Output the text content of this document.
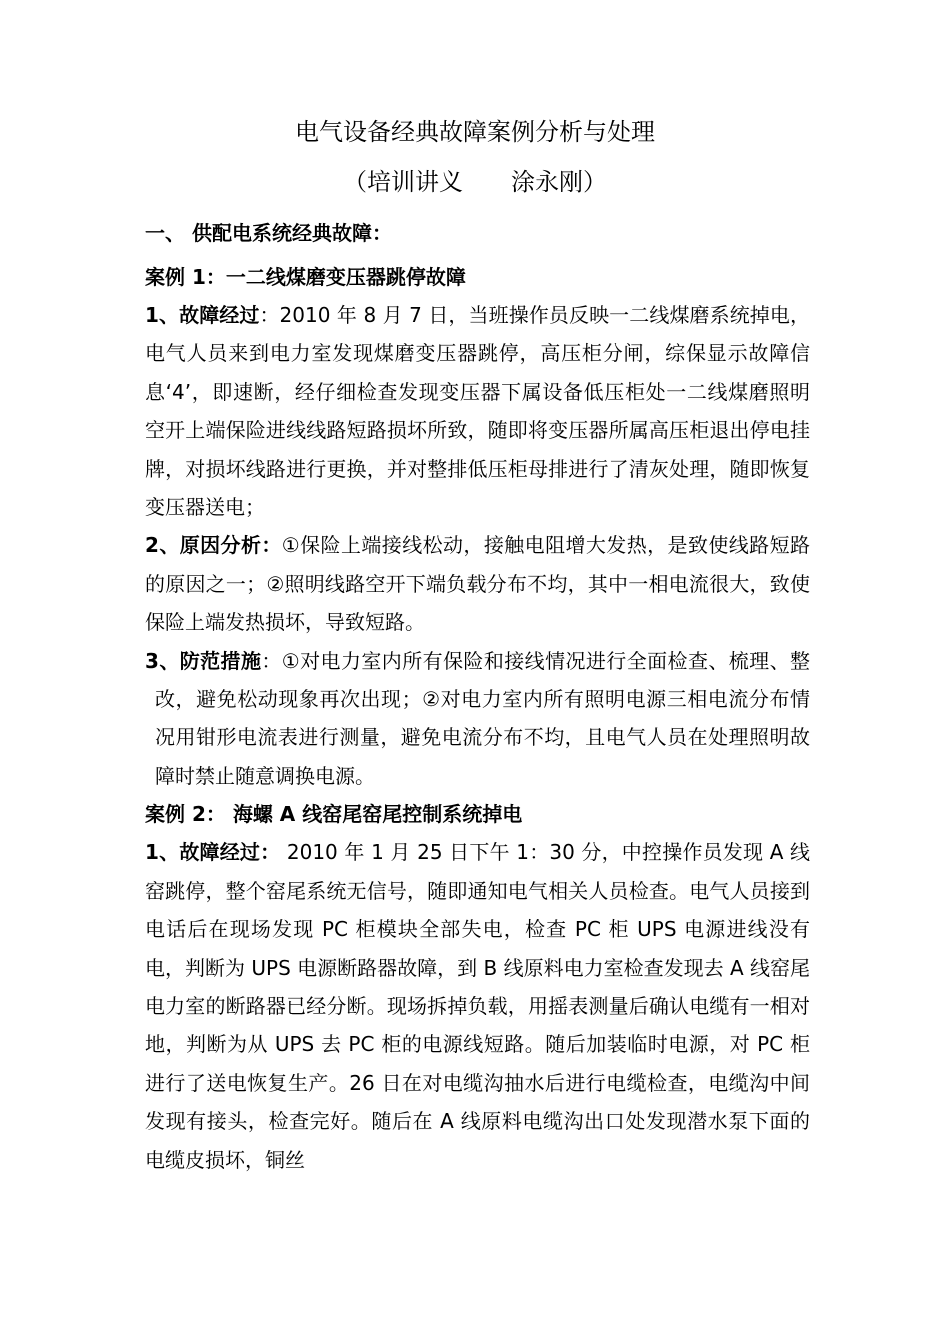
电气设备经典故障案例分析与处理
（培训讲义　　涂永刚）
一、 供配电系统经典故障：
案例 1：一二线煤磨变压器跳停故障
1、故障经过：2010 年 8 月 7 日，当班操作员反映一二线煤磨系统掉电，电气人员来到电力室发现煤磨变压器跳停，高压柜分闸，综保显示故障信息‘4’，即速断，经仔细检查发现变压器下属设备低压柜处一二线煤磨照明空开上端保险进线线路短路损坏所致，随即将变压器所属高压柜退出停电挂牌，对损坏线路进行更换，并对整排低压柜母排进行了清灰处理，随即恢复变压器送电；
2、原因分析：①保险上端接线松动，接触电阻增大发热，是致使线路短路的原因之一；②照明线路空开下端负载分布不均，其中一相电流很大，致使保险上端发热损坏，导致短路。
3、防范措施：①对电力室内所有保险和接线情况进行全面检查、梳理、整改，避免松动现象再次出现；②对电力室内所有照明电源三相电流分布情况用钳形电流表进行测量，避免电流分布不均，且电气人员在处理照明故障时禁止随意调换电源。
案例 2： 海螺 A 线窑尾窑尾控制系统掉电
1、故障经过： 2010 年 1 月 25 日下午 1：30 分，中控操作员发现 A 线窑跳停，整个窑尾系统无信号，随即通知电气相关人员检查。电气人员接到电话后在现场发现 PC 柜模块全部失电，检查 PC 柜 UPS 电源进线没有电，判断为 UPS 电源断路器故障，到 B 线原料电力室检查发现去 A 线窑尾电力室的断路器已经分断。现场拆掉负载，用摇表测量后确认电缆有一相对地，判断为从 UPS 去 PC 柜的电源线短路。随后加装临时电源，对 PC 柜进行了送电恢复生产。26 日在对电缆沟抽水后进行电缆检查，电缆沟中间发现有接头，检查完好。随后在 A 线原料电缆沟出口处发现潜水泵下面的电缆皮损坏，铜丝
